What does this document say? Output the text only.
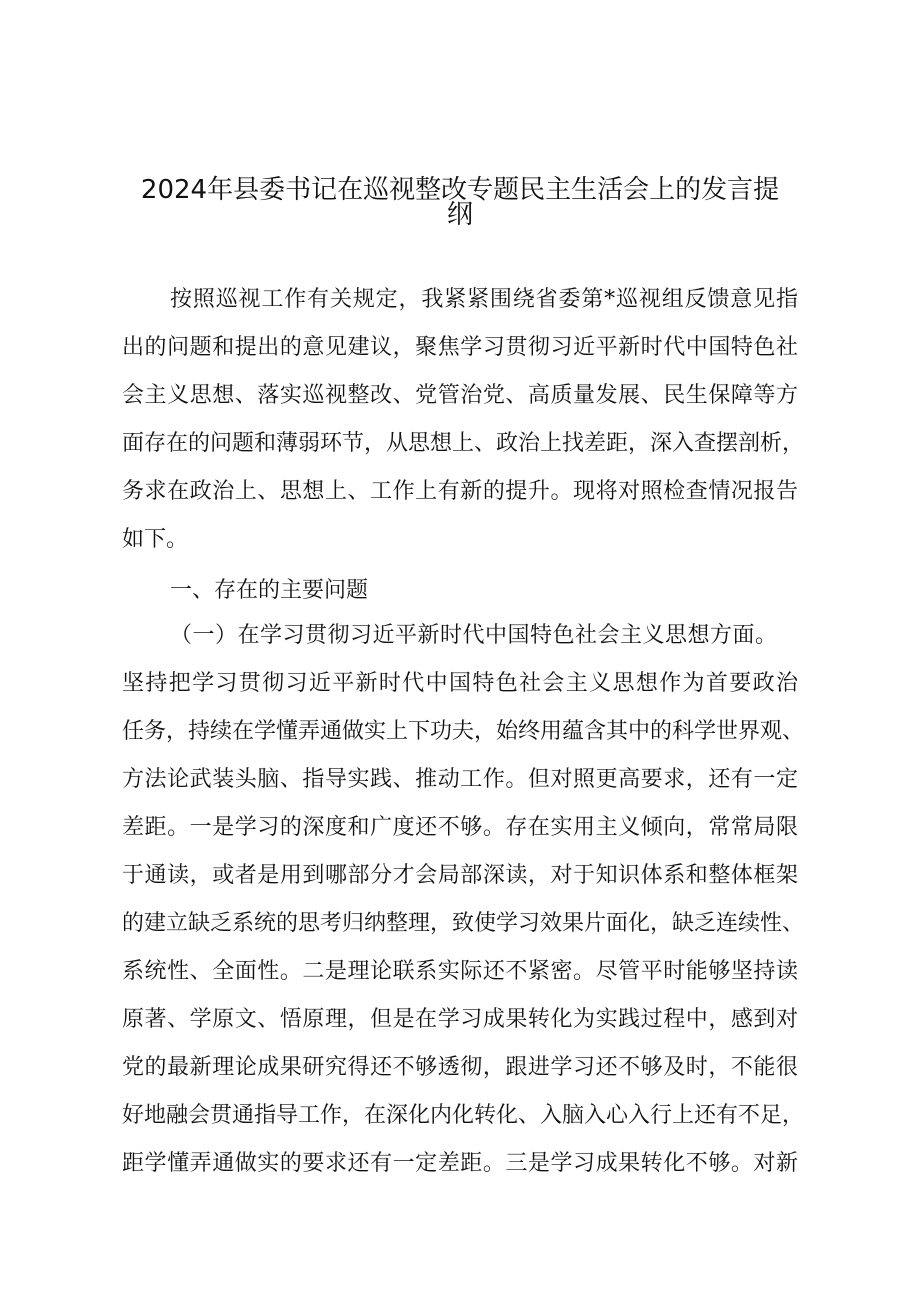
2024年县委书记在巡视整改专题民主生活会上的发言提
纲
按照巡视工作有关规定，我紧紧围绕省委第*巡视组反馈意见指
出的问题和提出的意见建议，聚焦学习贯彻习近平新时代中国特色社
会主义思想、落实巡视整改、党管治党、高质量发展、民生保障等方
面存在的问题和薄弱环节，从思想上、政治上找差距，深入查摆剖析，
务求在政治上、思想上、工作上有新的提升。现将对照检查情况报告
如下。
一、存在的主要问题
（一）在学习贯彻习近平新时代中国特色社会主义思想方面。
坚持把学习贯彻习近平新时代中国特色社会主义思想作为首要政治
任务，持续在学懂弄通做实上下功夫，始终用蕴含其中的科学世界观、
方法论武装头脑、指导实践、推动工作。但对照更高要求，还有一定
差距。一是学习的深度和广度还不够。存在实用主义倾向，常常局限
于通读，或者是用到哪部分才会局部深读，对于知识体系和整体框架
的建立缺乏系统的思考归纳整理，致使学习效果片面化，缺乏连续性、
系统性、全面性。二是理论联系实际还不紧密。尽管平时能够坚持读
原著、学原文、悟原理，但是在学习成果转化为实践过程中，感到对
党的最新理论成果研究得还不够透彻，跟进学习还不够及时，不能很
好地融会贯通指导工作，在深化内化转化、入脑入心入行上还有不足，
距学懂弄通做实的要求还有一定差距。三是学习成果转化不够。对新
